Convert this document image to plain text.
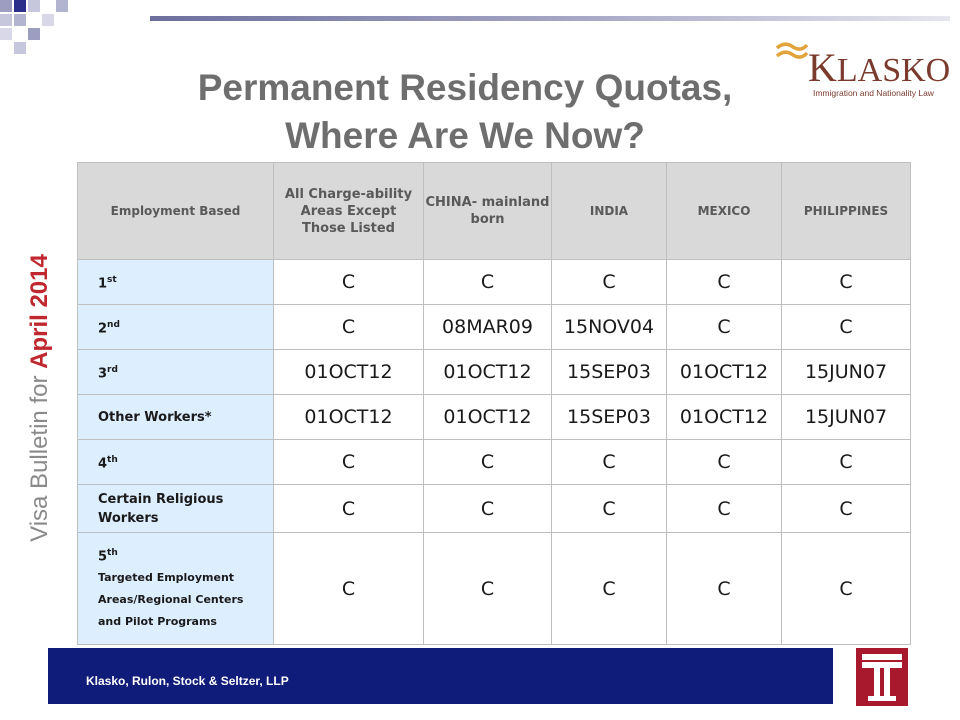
Permanent Residency Quotas,
Where Are We Now?
KLASKO
Immigration and Nationality Law
Visa Bulletin for April 2014
Employment Based	All Charge-ability Areas Except Those Listed	CHINA- mainland born	INDIA	MEXICO	PHILIPPINES
1st	C	C	C	C	C
2nd	C	08MAR09	15NOV04	C	C
3rd	01OCT12	01OCT12	15SEP03	01OCT12	15JUN07
Other Workers*	01OCT12	01OCT12	15SEP03	01OCT12	15JUN07
4th	C	C	C	C	C
Certain Religious Workers	C	C	C	C	C

5th
Targeted Employment Areas/Regional Centers and Pilot Programs	C	C	C	C	C
Klasko, Rulon, Stock & Seltzer, LLP
